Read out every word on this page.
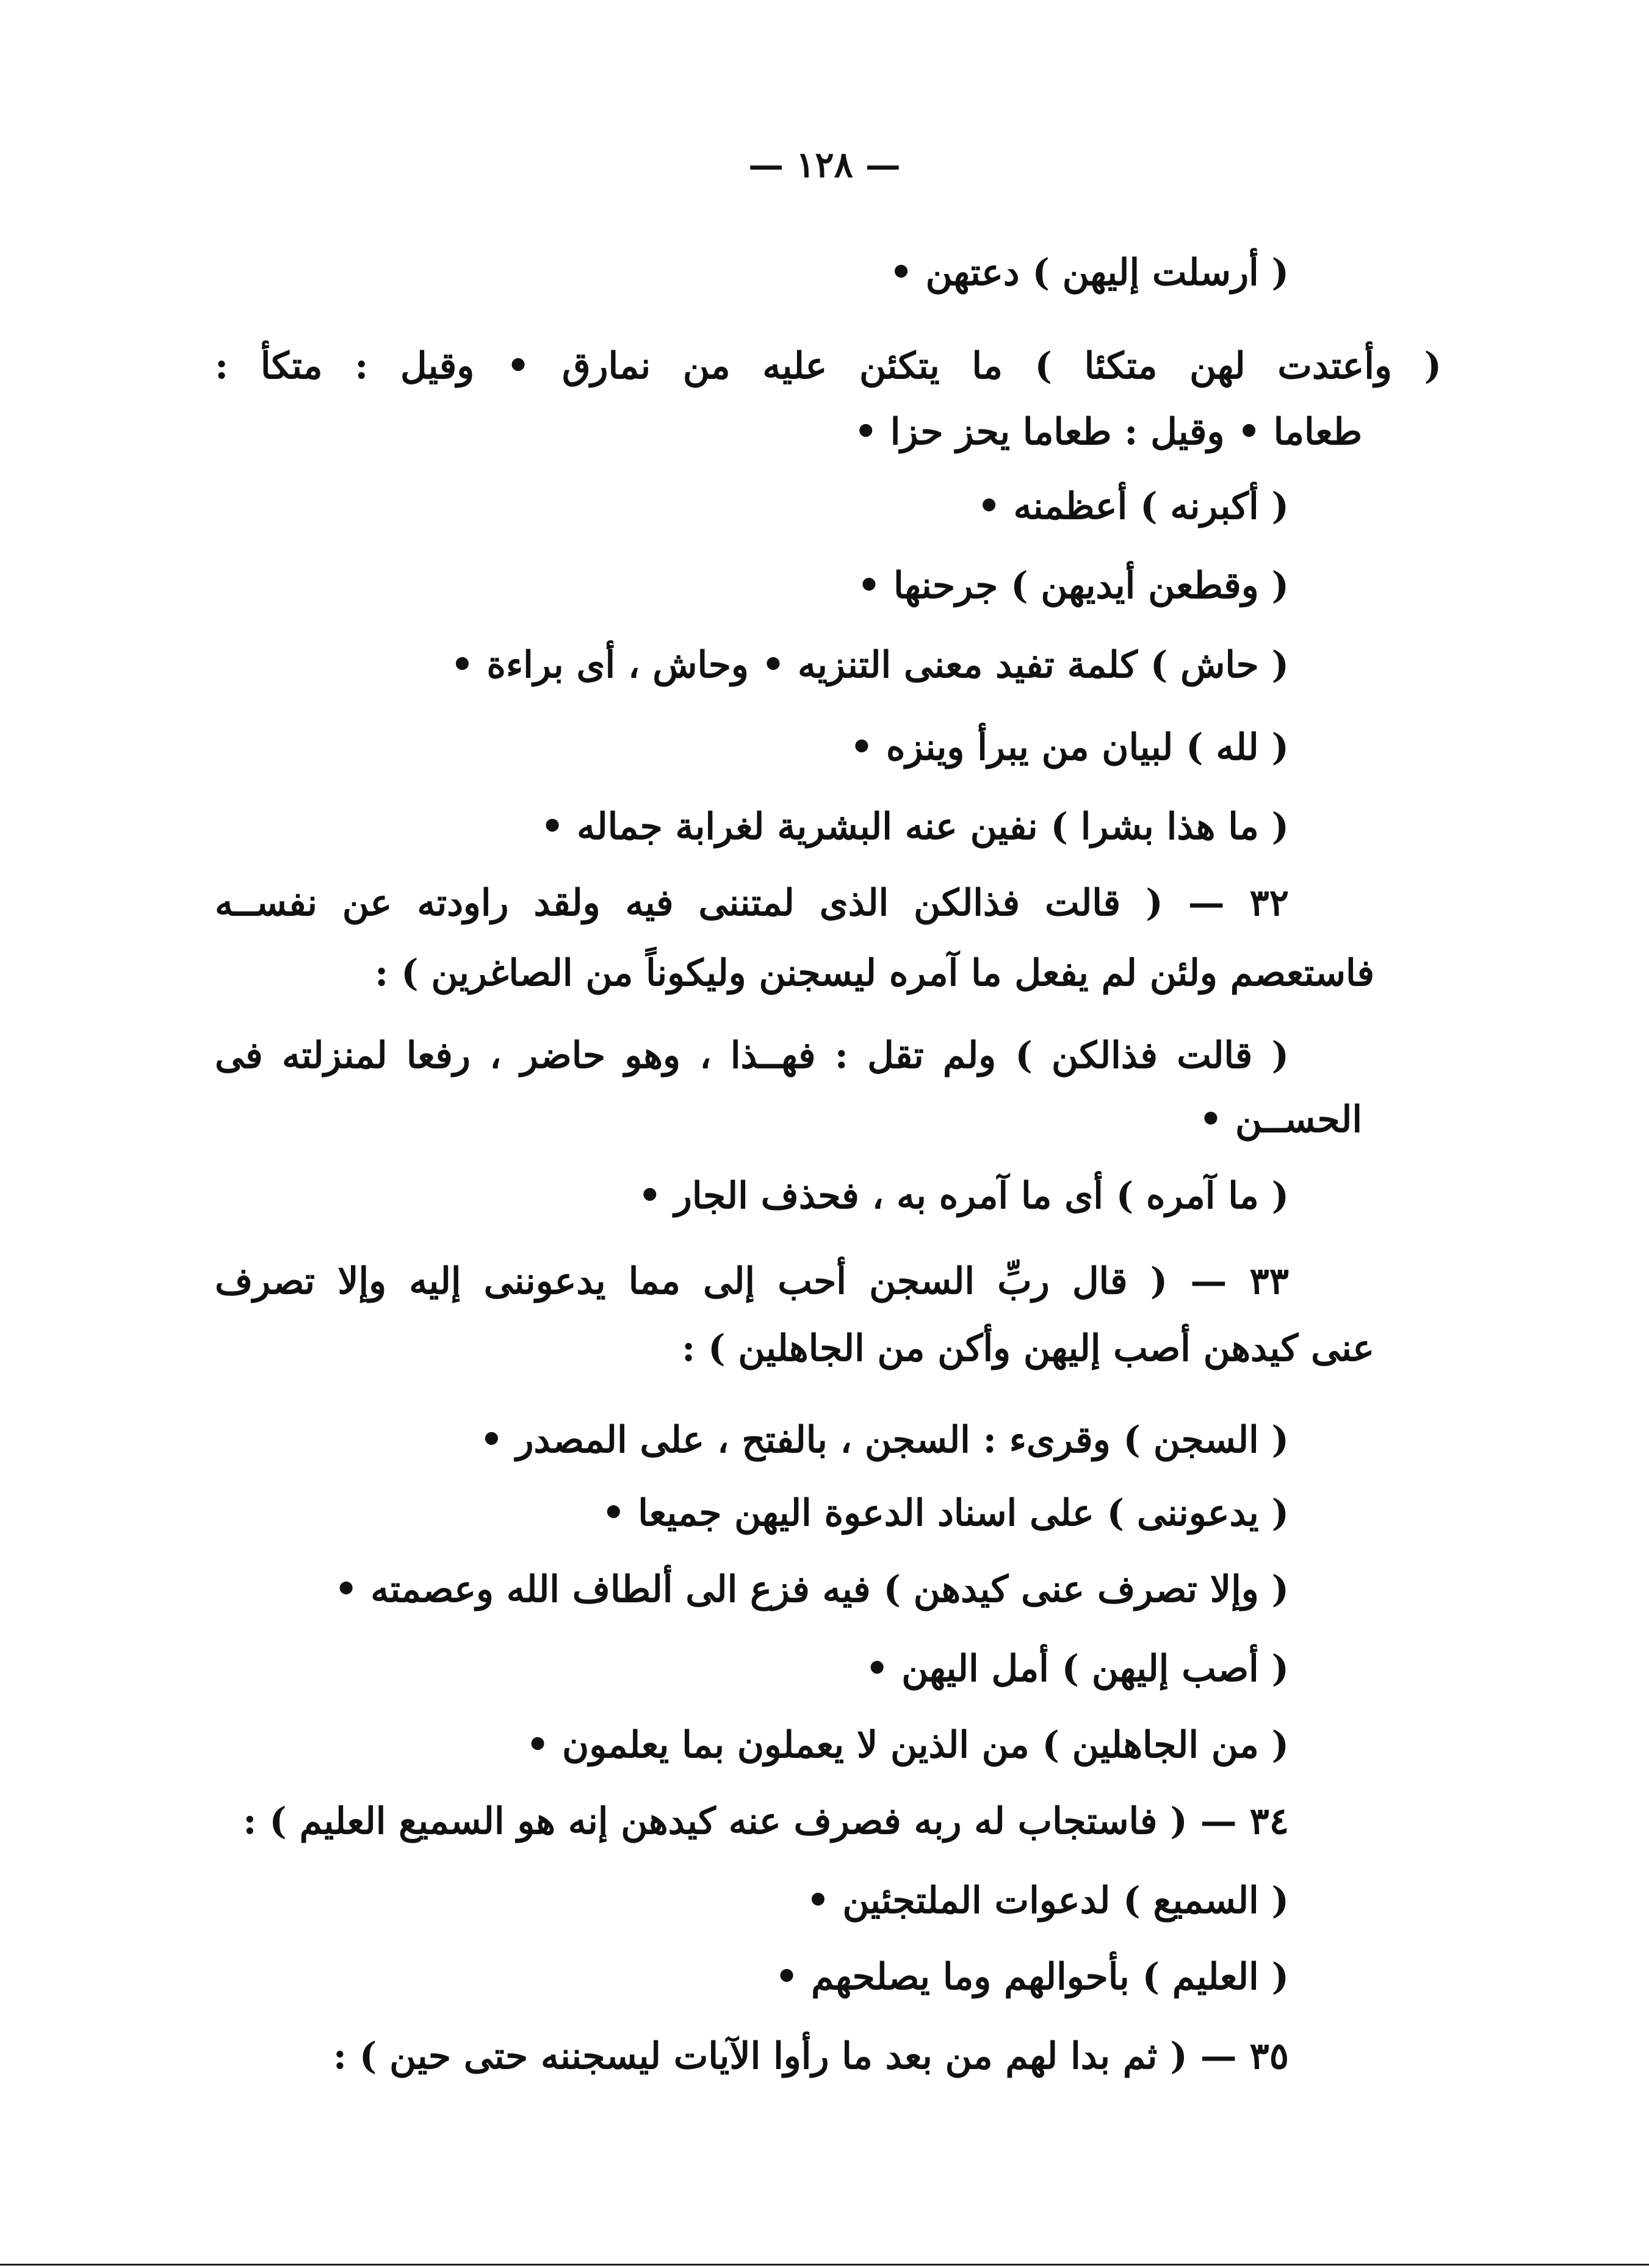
— ١٢٨ —
( أرسلت إليهن ) دعتهن •
( وأعتدت لهن متكئا ) ما يتكئن عليه من نمارق • وقيل : متكأ :
طعاما • وقيل : طعاما يحز حزا •
( أكبرنه ) أعظمنه •
( وقطعن أيديهن ) جرحنها •
( حاش ) كلمة تفيد معنى التنزيه • وحاش ، أى براءة •
( لله ) لبيان من يبرأ وينزه •
( ما هذا بشرا ) نفين عنه البشرية لغرابة جماله •
٣٢ — ( قالت فذالكن الذى لمتننى فيه ولقد راودته عن نفســه
فاستعصم ولئن لم يفعل ما آمره ليسجنن وليكوناً من الصاغرين ) :
( قالت فذالكن ) ولم تقل : فهــذا ، وهو حاضر ، رفعا لمنزلته فى
الحســن •
( ما آمره ) أى ما آمره به ، فحذف الجار •
٣٣ — ( قال ربِّ السجن أحب إلى مما يدعوننى إليه وإلا تصرف
عنى كيدهن أصب إليهن وأكن من الجاهلين ) :
( السجن ) وقرىء : السجن ، بالفتح ، على المصدر •
( يدعوننى ) على اسناد الدعوة اليهن جميعا •
( وإلا تصرف عنى كيدهن ) فيه فزع الى ألطاف الله وعصمته •
( أصب إليهن ) أمل اليهن •
( من الجاهلين ) من الذين لا يعملون بما يعلمون •
٣٤ — ( فاستجاب له ربه فصرف عنه كيدهن إنه هو السميع العليم ) :
( السميع ) لدعوات الملتجئين •
( العليم ) بأحوالهم وما يصلحهم •
٣٥ — ( ثم بدا لهم من بعد ما رأوا الآيات ليسجننه حتى حين ) :
